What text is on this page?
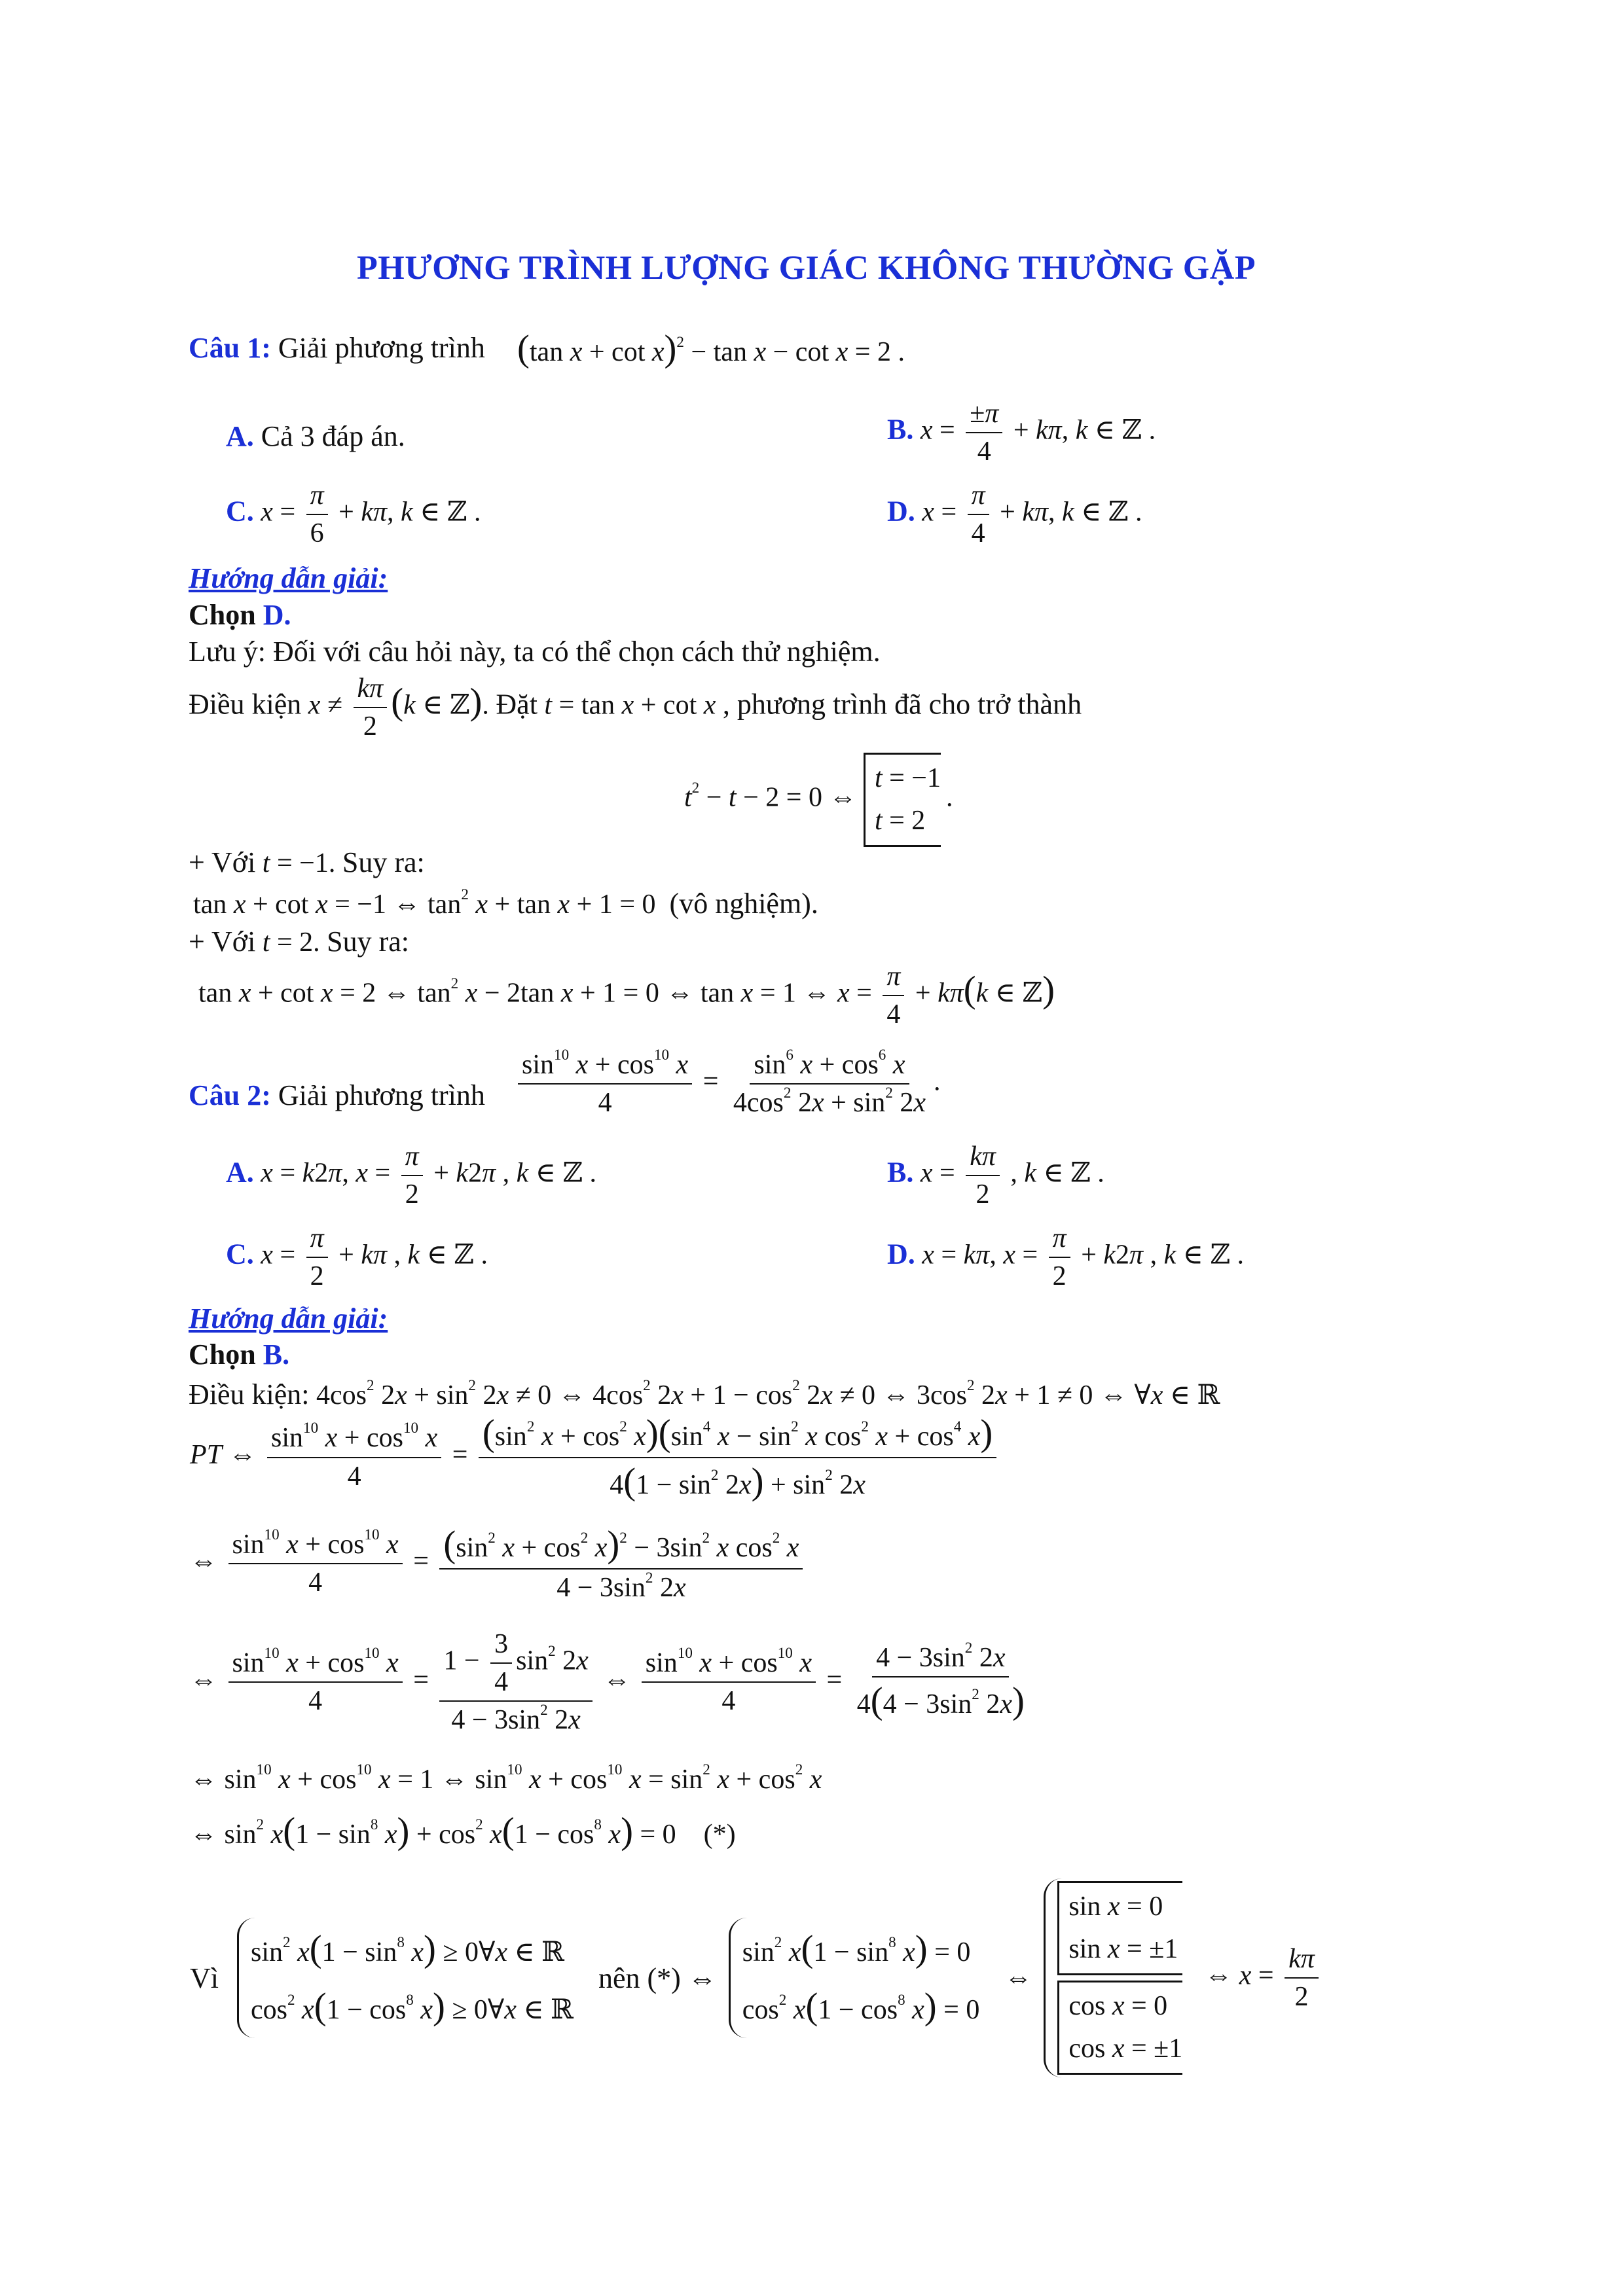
PHƯƠNG TRÌNH LƯỢNG GIÁC KHÔNG THƯỜNG GẶP
Câu 1: Giải phương trình (tan x + cot x)$^2$ − tan x − cot x = 2 .
A. Cả 3 đáp án.	B. $x = \frac{\pm\pi}{4} + k\pi$, k ∈ ℤ .
C. $x = \frac{\pi}{6} + k\pi$, k ∈ ℤ .	D. $x = \frac{\pi}{4} + k\pi$, k ∈ ℤ .
Hướng dẫn giải:
Chọn D.
Lưu ý: Đối với câu hỏi này, ta có thể chọn cách thử nghiệm.
Điều kiện $x \ne \frac{k\pi}{2} (k$ ∈ ℤ). Đặt t = tan x + cot x , phương trình đã cho trở thành
$t^2 - t - 2 = 0$ ⇔
t = −1
t = 2
.
+ Với t = −1. Suy ra:
tan x + cot x = −1 ⇔ $\tan^2 x + \tan x + 1 = 0$  (vô nghiệm).
+ Với t = 2. Suy ra:
tan x + cot x = 2 ⇔ $\tan^2 x - 2\tan$ x + 1 = 0 ⇔ tan x = 1 ⇔ $x = \frac{\pi}{4} + k\pi(k$ ∈ ℤ)
Câu 2: Giải phương trình $\frac{\sin^{10} x + \cos^{10} x}{4} = \frac{\sin^6 x + \cos^6 x}{4\cos^2 2x + \sin^2 2x}$ .
A. x = k2π, $x = \frac{\pi}{2} + k2\pi$ , k ∈ ℤ .	B. $x = \frac{k\pi}{2}$ , k ∈ ℤ .
C. $x = \frac{\pi}{2} + k\pi$ , k ∈ ℤ .	D. x = kπ, $x = \frac{\pi}{2} + k2\pi$ , k ∈ ℤ .
Hướng dẫn giải:
Chọn B.
Điều kiện: $4\cos^2$ $2x + \sin^2 2x \ne 0$ ⇔ $4\cos^2$ $2x + 1 - \cos^2 2x \ne 0$ ⇔ $3\cos^2$ 2x + 1 ≠ 0 ⇔ ∀x ∈ ℝ
PT ⇔ $\frac{\sin^{10} x + \cos^{10} x}{4} = \frac{(\sin^2 x + \cos^2 x)(\sin^4 x - \sin^2 x \cos^2 x + \cos^4 x)}{4(1 - \sin^2 2x) + \sin^2 2x}$
⇔ $\frac{\sin^{10} x + \cos^{10} x}{4} = \frac{(\sin^2 x + \cos^2 x)^2 - 3\sin^2 x \cos^2 x}{4 - 3\sin^2 2x}$
⇔ $\frac{\sin^{10} x + \cos^{10} x}{4} = \frac{1 - \frac{3}{4} \sin^2 2x}{4 - 3\sin^2 2x}$ ⇔ $\frac{\sin^{10} x + \cos^{10} x}{4} = \frac{4 - 3\sin^2 2x}{4(4 - 3\sin^2 2x)}$
⇔ $\sin^{10} x + \cos^{10} x = 1$ ⇔ $\sin^{10} x + \cos^{10} x = \sin^2 x + \cos^2 x$
⇔ $\sin^2 x(1 - \sin^8 x) + \cos^2 x(1 - \cos^8 x) = 0$    (*)
Vì
$\sin^2 x(1 - \sin^8 x)$ ≥ 0∀x ∈ ℝ
$\cos^2 x(1 - \cos^8 x)$ ≥ 0∀x ∈ ℝ
nên (*) ⇔
$\sin^2 x(1 - \sin^8 x) = 0$
$\cos^2 x(1 - \cos^8 x) = 0$
⇔
sin x = 0
sin x = ±1
cos x = 0
cos x = ±1
⇔ $x = \frac{k\pi}{2}$
